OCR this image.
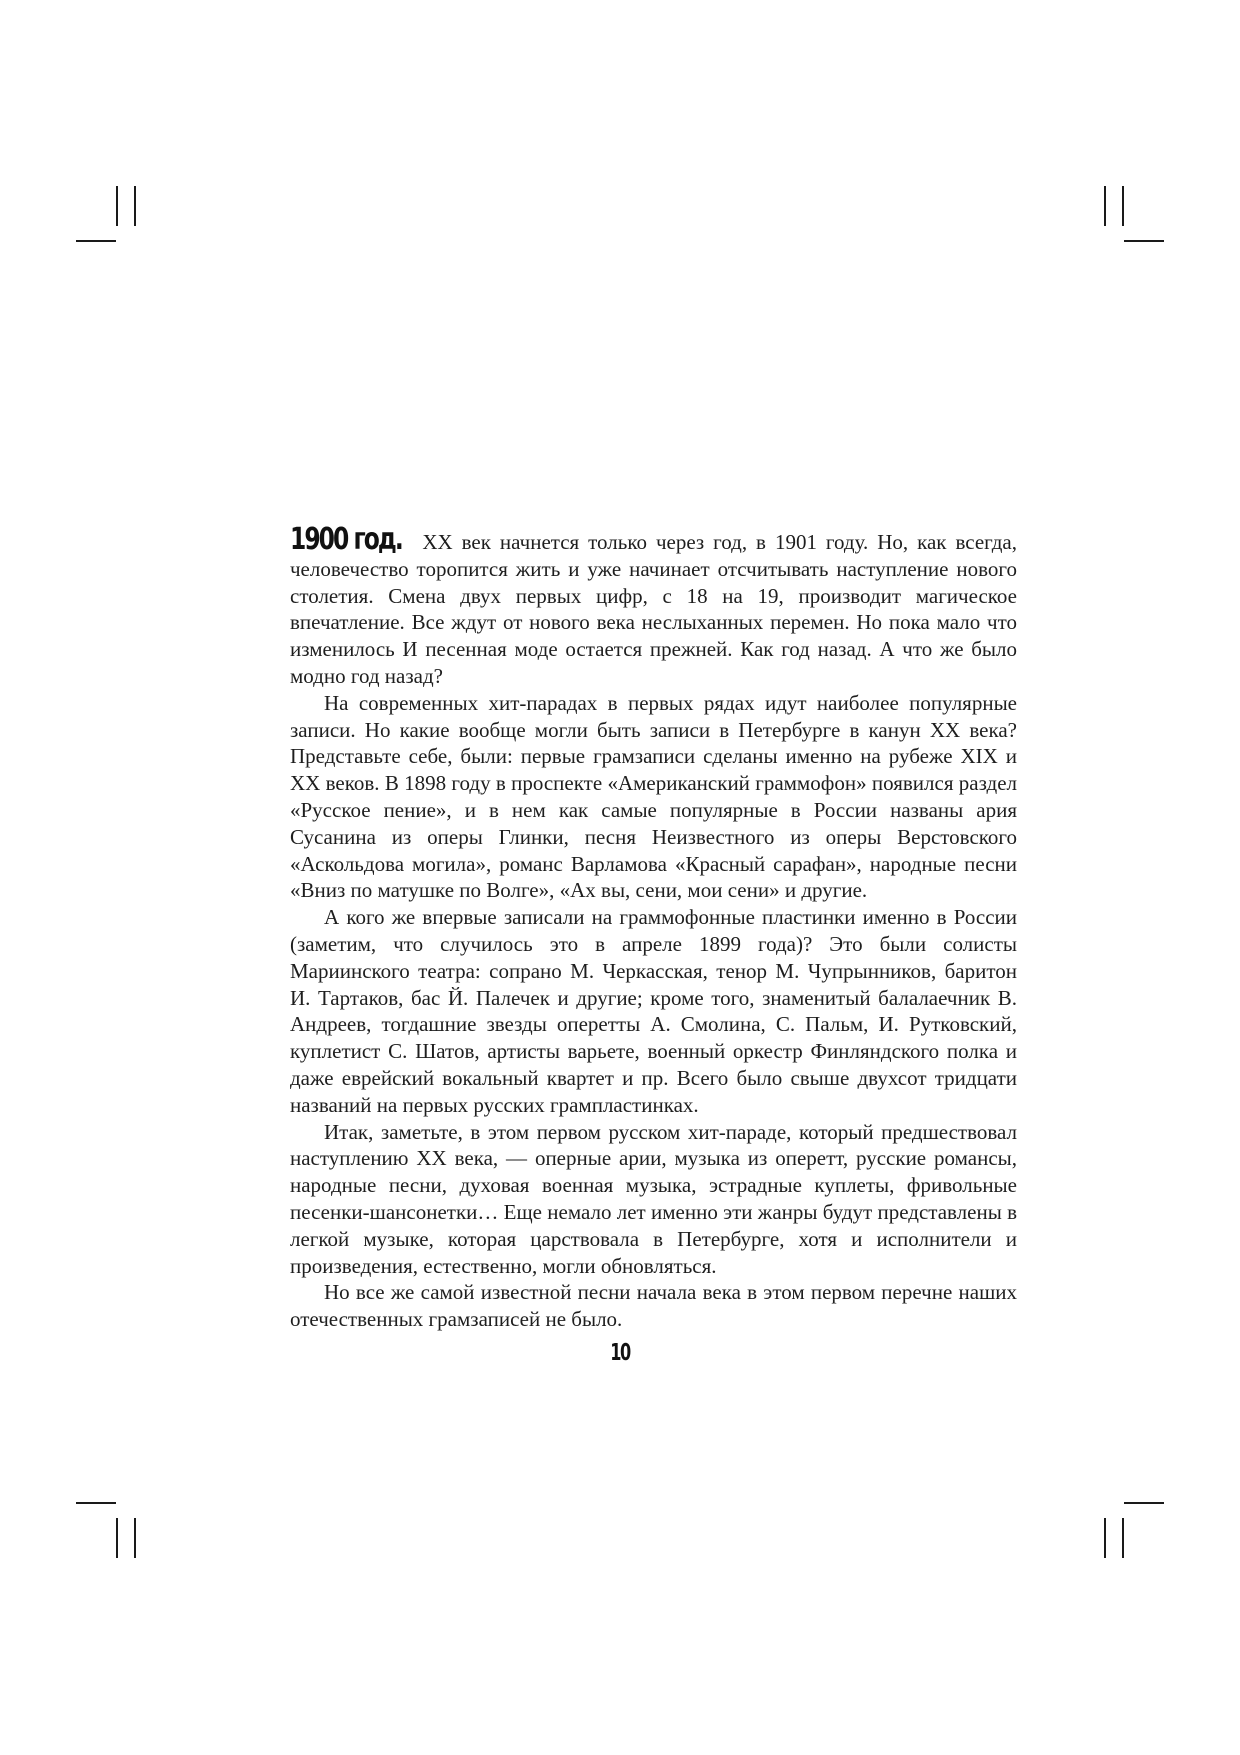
1900 год. XX век начнется только через год, в 1901 году. Но, как всегда, человечество торопится жить и уже начинает отсчитывать наступление нового столетия. Смена двух первых цифр, с 18 на 19, производит магическое впечатление. Все ждут от нового века неслыханных перемен. Но пока мало что изменилось И песенная моде остается прежней. Как год назад. А что же было модно год назад?

На современных хит-парадах в первых рядах идут наиболее популярные записи. Но какие вообще могли быть записи в Петербурге в канун XX века? Представьте себе, были: первые грамзаписи сделаны именно на рубеже XIX и XX веков. В 1898 году в проспекте «Американский граммофон» появился раздел «Русское пение», и в нем как самые популярные в России названы ария Сусанина из оперы Глинки, песня Неизвестного из оперы Верстовского «Аскольдова могила», романс Варламова «Красный сарафан», народные песни «Вниз по матушке по Волге», «Ах вы, сени, мои сени» и другие.

А кого же впервые записали на граммофонные пластинки именно в России (заметим, что случилось это в апреле 1899 года)? Это были солисты Мариинского театра: сопрано М. Черкасская, тенор М. Чупрынников, баритон И. Тартаков, бас Й. Палечек и другие; кроме того, знаменитый балалаечник В. Андреев, тогдашние звезды оперетты А. Смолина, С. Пальм, И. Рутковский, куплетист С. Шатов, артисты варьете, военный оркестр Финляндского полка и даже еврейский вокальный квартет и пр. Всего было свыше двухсот тридцати названий на первых русских грампластинках.

Итак, заметьте, в этом первом русском хит-параде, который предшествовал наступлению XX века, — оперные арии, музыка из оперетт, русские романсы, народные песни, духовая военная музыка, эстрадные куплеты, фривольные песенки-шансонетки… Еще немало лет именно эти жанры будут представлены в легкой музыке, которая царствовала в Петербурге, хотя и исполнители и произведения, естественно, могли обновляться.

Но все же самой известной песни начала века в этом первом перечне наших отечественных грамзаписей не было.

10
